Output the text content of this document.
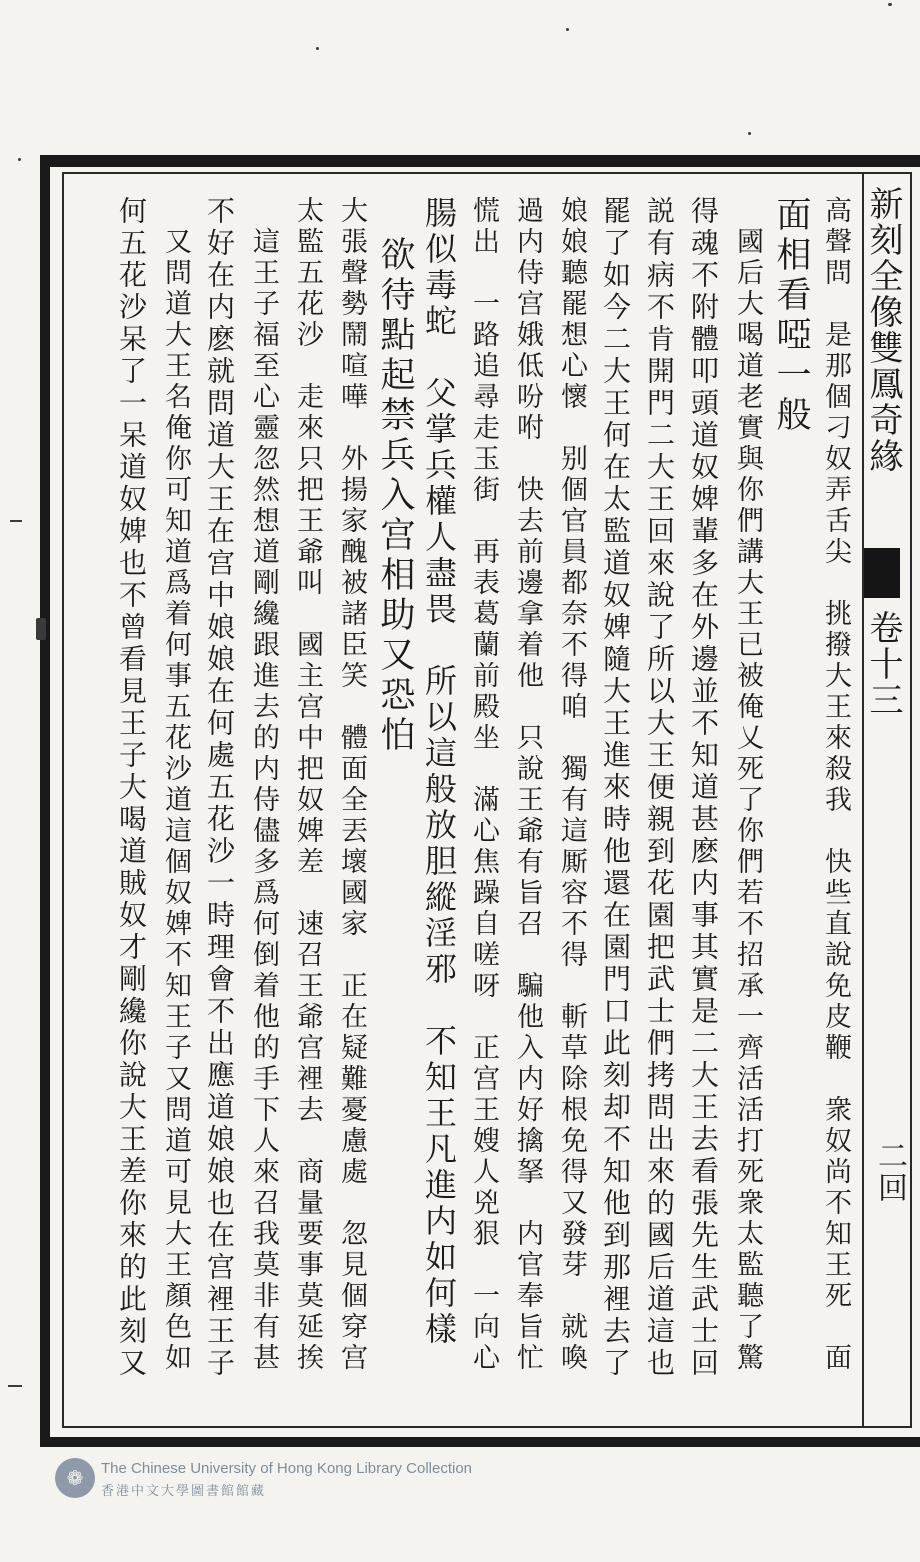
新刻全像雙鳳奇緣
卷十三
二回
高聲問　是那個刁奴弄舌尖　挑撥大王來殺我　快些直說免皮鞭　衆奴尚不知王死　面
面相看啞一般
　國后大喝道老實與你們講大王已被俺乂死了你們若不招承一齊活活打死衆太監聽了驚
得魂不附體叩頭道奴婢輩多在外邊並不知道甚麽内事其實是二大王去看張先生武士回
説有病不肯開門二大王回來說了所以大王便親到花園把武士們拷問出來的國后道這也
罷了如今二大王何在太監道奴婢隨大王進來時他還在園門口此刻却不知他到那裡去了
娘娘聽罷想心懷　别個官員都奈不得咱　獨有這厮容不得　斬草除根免得又發芽　就喚
過内侍宫娥低吩咐　快去前邊拿着他　只說王爺有旨召　騙他入内好擒拏　内官奉旨忙
慌出　一路追尋走玉街　再表葛蘭前殿坐　滿心焦躁自嗟呀　正宫王嫂人兇狠　一向心
腸似毒蛇　父掌兵權人盡畏　所以這般放胆縱淫邪　不知王凡進内如何樣
　欲待點起禁兵入宫相助又恐怕
大張聲勢鬧喧嘩　外揚家醜被諸臣笑　體面全丟壞國家　正在疑難憂慮處　忽見個穿宫
太監五花沙　走來只把王爺叫　國主宫中把奴婢差　速召王爺宫裡去　商量要事莫延挨
　這王子福至心靈忽然想道剛纔跟進去的内侍儘多爲何倒着他的手下人來召我莫非有甚
不好在内麽就問道大王在宫中娘娘在何處五花沙一時理會不出應道娘娘也在宫裡王子
　又問道大王名俺你可知道爲着何事五花沙道這個奴婢不知王子又問道可見大王顏色如
何五花沙呆了一呆道奴婢也不曾看見王子大喝道賊奴才剛纔你說大王差你來的此刻又
❁	The Chinese University of Hong Kong Library Collection
香港中文大學圖書館館藏
